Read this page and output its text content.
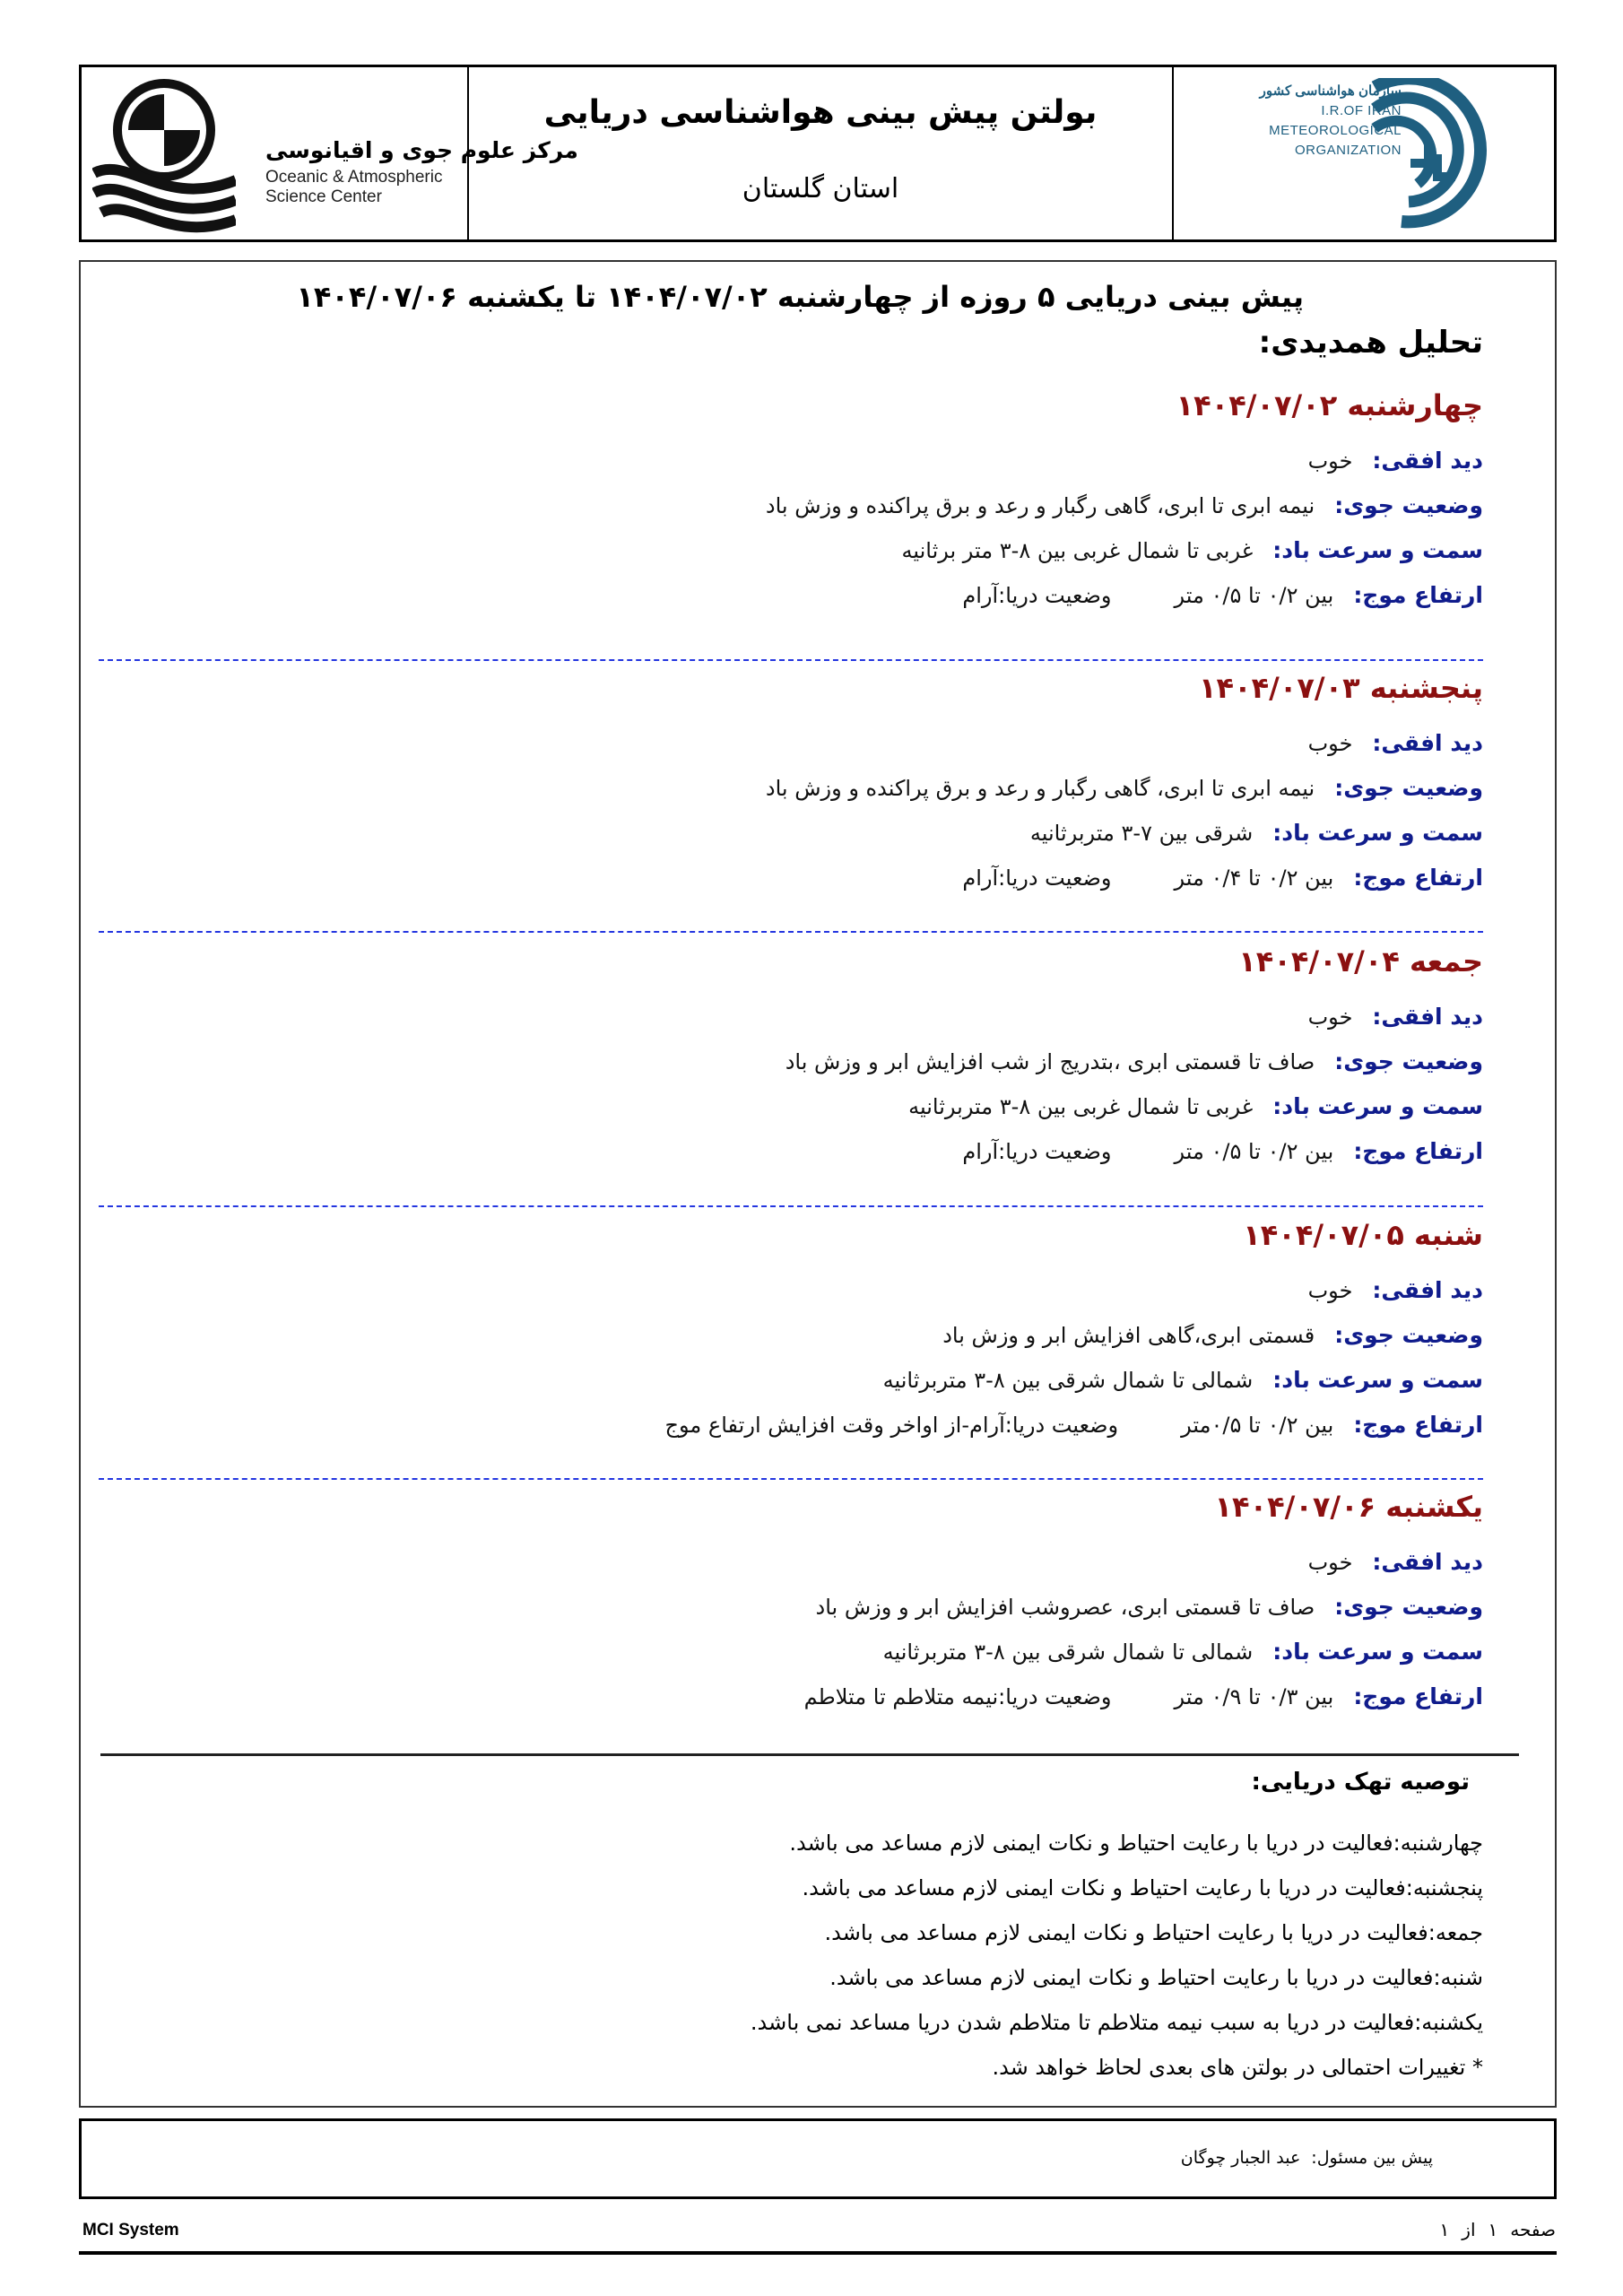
مرکز علوم جوی و اقیانوسی
Oceanic & Atmospheric
Science Center
بولتن پیش بینی هواشناسی دریایی
استان گلستان
سازمان هواشناسی کشور
I.R.OF IRAN
METEOROLOGICAL
ORGANIZATION
پیش بینی دریایی ۵ روزه از چهارشنبه ۱۴۰۴/۰۷/۰۲ تا یکشنبه ۱۴۰۴/۰۷/۰۶
تحلیل همدیدی:
چهارشنبه ۱۴۰۴/۰۷/۰۲
دید افقی:خوب
وضعیت جوی:نیمه ابری تا ابری، گاهی رگبار و رعد و برق پراکنده و وزش باد
سمت و سرعت باد:غربی تا شمال غربی بین ۸-۳ متر برثانیه
ارتفاع موج:بین ۰/۲ تا ۰/۵ متروضعیت دریا:آرام
پنجشنبه ۱۴۰۴/۰۷/۰۳
دید افقی:خوب
وضعیت جوی:نیمه ابری تا ابری، گاهی رگبار و رعد و برق پراکنده و وزش باد
سمت و سرعت باد:شرقی بین ۷-۳ متربرثانیه
ارتفاع موج:بین ۰/۲ تا ۰/۴ متروضعیت دریا:آرام
جمعه ۱۴۰۴/۰۷/۰۴
دید افقی:خوب
وضعیت جوی:صاف تا قسمتی ابری ،بتدریج از شب افزایش ابر و وزش باد
سمت و سرعت باد:غربی تا شمال غربی بین ۸-۳ متربرثانیه
ارتفاع موج:بین ۰/۲ تا ۰/۵ متروضعیت دریا:آرام
شنبه ۱۴۰۴/۰۷/۰۵
دید افقی:خوب
وضعیت جوی:قسمتی ابری،گاهی افزایش ابر و وزش باد
سمت و سرعت باد:شمالی تا شمال شرقی بین ۸-۳ متربرثانیه
ارتفاع موج:بین ۰/۲ تا ۰/۵متروضعیت دریا:آرام-از اواخر وقت افزایش ارتفاع موج
یکشنبه ۱۴۰۴/۰۷/۰۶
دید افقی:خوب
وضعیت جوی:صاف تا قسمتی ابری، عصروشب افزایش ابر و وزش باد
سمت و سرعت باد:شمالی تا شمال شرقی بین ۸-۳ متربرثانیه
ارتفاع موج:بین ۰/۳ تا ۰/۹ متروضعیت دریا:نیمه متلاطم تا متلاطم
توصیه تهک دریایی:
چهارشنبه:فعالیت در دریا با رعایت احتیاط و نکات ایمنی لازم مساعد می باشد.
پنجشنبه:فعالیت در دریا با رعایت احتیاط و نکات ایمنی لازم مساعد می باشد.
جمعه:فعالیت در دریا با رعایت احتیاط و نکات ایمنی لازم مساعد می باشد.
شنبه:فعالیت در دریا با رعایت احتیاط و نکات ایمنی لازم مساعد می باشد.
یکشنبه:فعالیت در دریا به سبب نیمه متلاطم تا متلاطم شدن دریا مساعد نمی باشد.
* تغییرات احتمالی در بولتن های بعدی لحاظ خواهد شد.
پیش بین مسئول:عبد الجبار چوگان
MCI System	صفحه۱از۱
